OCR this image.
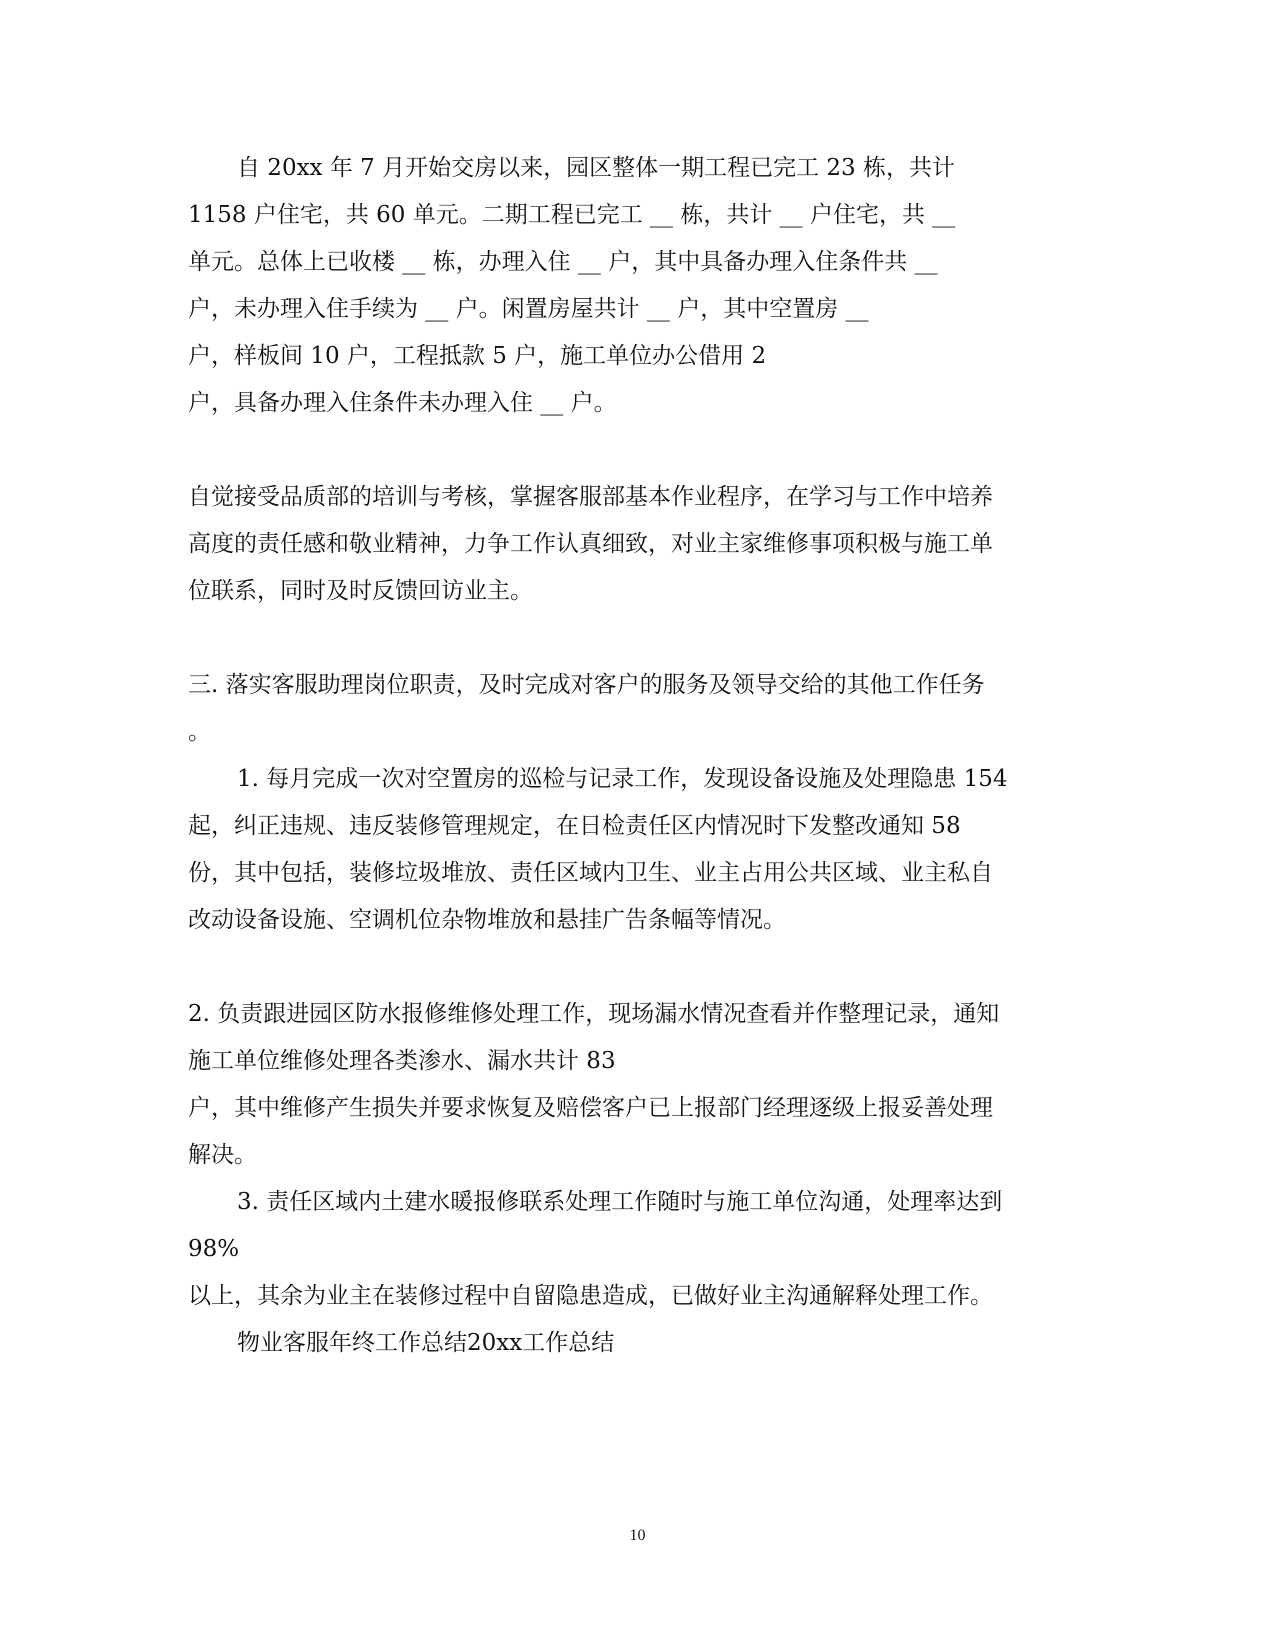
自 20xx 年 7 月开始交房以来，园区整体一期工程已完工 23 栋，共计
1158 户住宅，共 60 单元。二期工程已完工 __ 栋，共计 __ 户住宅，共 __
单元。总体上已收楼 __ 栋，办理入住 __ 户，其中具备办理入住条件共 __
户，未办理入住手续为 __ 户。闲置房屋共计 __ 户，其中空置房 __
户，样板间 10 户，工程抵款 5 户，施工单位办公借用 2
户，具备办理入住条件未办理入住 __ 户。
自觉接受品质部的培训与考核，掌握客服部基本作业程序，在学习与工作中培养
高度的责任感和敬业精神，力争工作认真细致，对业主家维修事项积极与施工单
位联系，同时及时反馈回访业主。
三. 落实客服助理岗位职责，及时完成对客户的服务及领导交给的其他工作任务
。
1. 每月完成一次对空置房的巡检与记录工作，发现设备设施及处理隐患 154
起，纠正违规、违反装修管理规定，在日检责任区内情况时下发整改通知 58
份，其中包括，装修垃圾堆放、责任区域内卫生、业主占用公共区域、业主私自
改动设备设施、空调机位杂物堆放和悬挂广告条幅等情况。
2. 负责跟进园区防水报修维修处理工作，现场漏水情况查看并作整理记录，通知
施工单位维修处理各类渗水、漏水共计 83
户，其中维修产生损失并要求恢复及赔偿客户已上报部门经理逐级上报妥善处理
解决。
3. 责任区域内土建水暖报修联系处理工作随时与施工单位沟通，处理率达到
98%
以上，其余为业主在装修过程中自留隐患造成，已做好业主沟通解释处理工作。
物业客服年终工作总结20xx工作总结
10
